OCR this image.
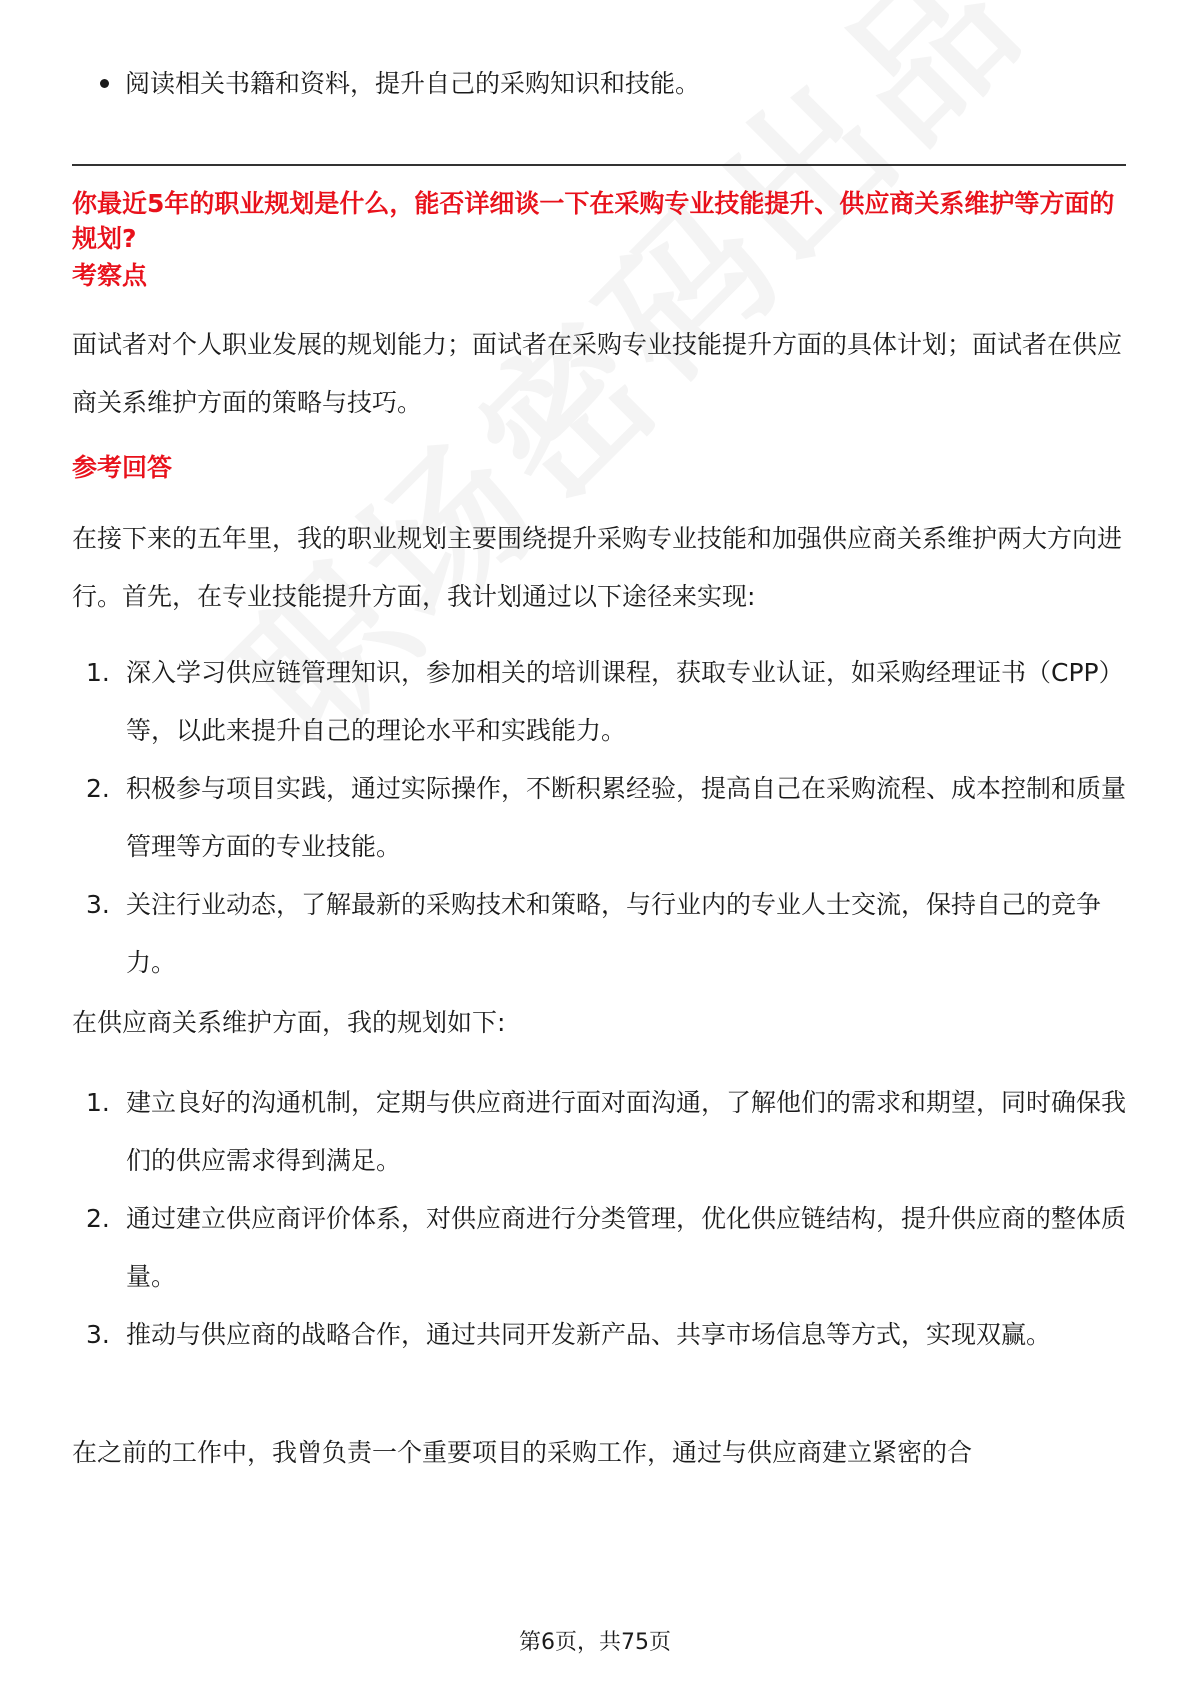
阅读相关书籍和资料，提升自己的采购知识和技能。
你最近5年的职业规划是什么，能否详细谈一下在采购专业技能提升、供应商关系维护等方面的规划?
考察点
面试者对个人职业发展的规划能力；面试者在采购专业技能提升方面的具体计划；面试者在供应商关系维护方面的策略与技巧。
参考回答
在接下来的五年里，我的职业规划主要围绕提升采购专业技能和加强供应商关系维护两大方向进行。首先，在专业技能提升方面，我计划通过以下途径来实现:
1. 深入学习供应链管理知识，参加相关的培训课程，获取专业认证，如采购经理证书（CPP）等，以此来提升自己的理论水平和实践能力。
2. 积极参与项目实践，通过实际操作，不断积累经验，提高自己在采购流程、成本控制和质量管理等方面的专业技能。
3. 关注行业动态，了解最新的采购技术和策略，与行业内的专业人士交流，保持自己的竞争力。
在供应商关系维护方面，我的规划如下:
1. 建立良好的沟通机制，定期与供应商进行面对面沟通，了解他们的需求和期望，同时确保我们的供应需求得到满足。
2. 通过建立供应商评价体系，对供应商进行分类管理，优化供应链结构，提升供应商的整体质量。
3. 推动与供应商的战略合作，通过共同开发新产品、共享市场信息等方式，实现双赢。
在之前的工作中，我曾负责一个重要项目的采购工作，通过与供应商建立紧密的合
第6页，共75页
